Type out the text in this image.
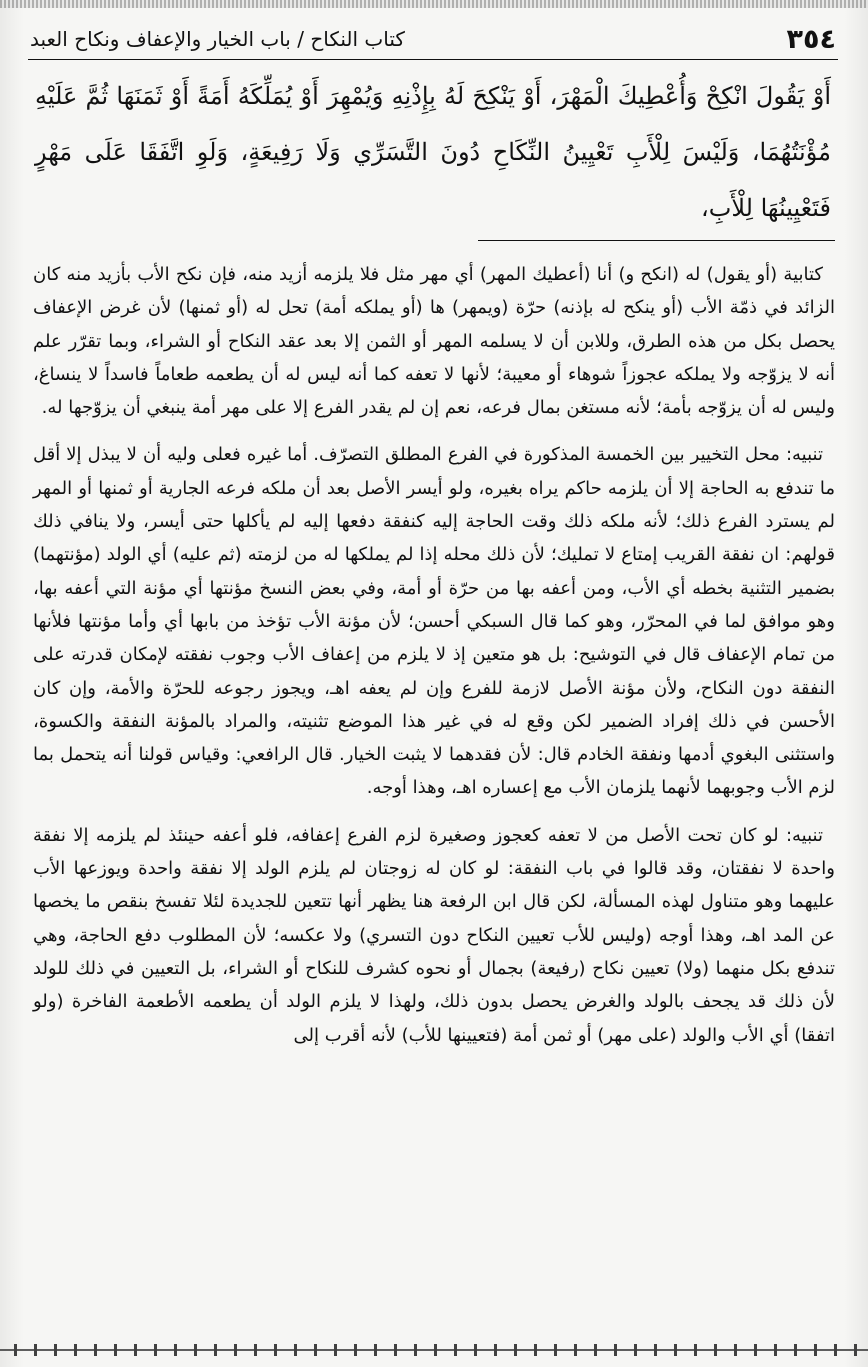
٣٥٤
كتاب النكاح / باب الخيار والإعفاف ونكاح العبد
أَوْ يَقُولَ انْكِحْ وَأُعْطِيكَ الْمَهْرَ، أَوْ يَنْكِحَ لَهُ بِإِذْنِهِ وَيُمْهِرَ أَوْ يُمَلِّكَهُ أَمَةً أَوْ ثَمَنَهَا ثُمَّ عَلَيْهِ مُؤْنَتُهُمَا، وَلَيْسَ لِلْأَبِ تَعْيِينُ النِّكَاحِ دُونَ التَّسَرِّي وَلَا رَفِيعَةٍ، وَلَوِ اتَّفَقَا عَلَى مَهْرٍ فَتَعْيِينُهَا لِلْأَبِ،

كتابية (أو يقول) له (انكح و) أنا (أعطيك المهر) أي مهر مثل فلا يلزمه أزيد منه، فإن نكح الأب بأزيد منه كان الزائد في ذمّة الأب (أو ينكح له بإذنه) حرّة (ويمهر) ها (أو يملكه أمة) تحل له (أو ثمنها) لأن غرض الإعفاف يحصل بكل من هذه الطرق، وللابن أن لا يسلمه المهر أو الثمن إلا بعد عقد النكاح أو الشراء، وبما تقرّر علم أنه لا يزوّجه ولا يملكه عجوزاً شوهاء أو معيبة؛ لأنها لا تعفه كما أنه ليس له أن يطعمه طعاماً فاسداً لا ينساغ، وليس له أن يزوّجه بأمة؛ لأنه مستغن بمال فرعه، نعم إن لم يقدر الفرع إلا على مهر أمة ينبغي أن يزوّجها له.

تنبيه: محل التخيير بين الخمسة المذكورة في الفرع المطلق التصرّف. أما غيره فعلى وليه أن لا يبذل إلا أقل ما تندفع به الحاجة إلا أن يلزمه حاكم يراه بغيره، ولو أيسر الأصل بعد أن ملكه فرعه الجارية أو ثمنها أو المهر لم يسترد الفرع ذلك؛ لأنه ملكه ذلك وقت الحاجة إليه كنفقة دفعها إليه لم يأكلها حتى أيسر، ولا ينافي ذلك قولهم: ان نفقة القريب إمتاع لا تمليك؛ لأن ذلك محله إذا لم يملكها له من لزمته (ثم عليه) أي الولد (مؤنتهما) بضمير التثنية بخطه أي الأب، ومن أعفه بها من حرّة أو أمة، وفي بعض النسخ مؤنتها أي مؤنة التي أعفه بها، وهو موافق لما في المحرّر، وهو كما قال السبكي أحسن؛ لأن مؤنة الأب تؤخذ من بابها أي وأما مؤنتها فلأنها من تمام الإعفاف قال في التوشيح: بل هو متعين إذ لا يلزم من إعفاف الأب وجوب نفقته لإمكان قدرته على النفقة دون النكاح، ولأن مؤنة الأصل لازمة للفرع وإن لم يعفه اهـ، ويجوز رجوعه للحرّة والأمة، وإن كان الأحسن في ذلك إفراد الضمير لكن وقع له في غير هذا الموضع تثنيته، والمراد بالمؤنة النفقة والكسوة، واستثنى البغوي أدمها ونفقة الخادم قال: لأن فقدهما لا يثبت الخيار. قال الرافعي: وقياس قولنا أنه يتحمل بما لزم الأب وجوبهما لأنهما يلزمان الأب مع إعساره اهـ، وهذا أوجه.

تنبيه: لو كان تحت الأصل من لا تعفه كعجوز وصغيرة لزم الفرع إعفافه، فلو أعفه حينئذ لم يلزمه إلا نفقة واحدة لا نفقتان، وقد قالوا في باب النفقة: لو كان له زوجتان لم يلزم الولد إلا نفقة واحدة ويوزعها الأب عليهما وهو متناول لهذه المسألة، لكن قال ابن الرفعة هنا يظهر أنها تتعين للجديدة لئلا تفسخ بنقص ما يخصها عن المد اهـ، وهذا أوجه (وليس للأب تعيين النكاح دون التسري) ولا عكسه؛ لأن المطلوب دفع الحاجة، وهي تندفع بكل منهما (ولا) تعيين نكاح (رفيعة) بجمال أو نحوه كشرف للنكاح أو الشراء، بل التعيين في ذلك للولد لأن ذلك قد يجحف بالولد والغرض يحصل بدون ذلك، ولهذا لا يلزم الولد أن يطعمه الأطعمة الفاخرة (ولو اتفقا) أي الأب والولد (على مهر) أو ثمن أمة (فتعيينها للأب) لأنه أقرب إلى
